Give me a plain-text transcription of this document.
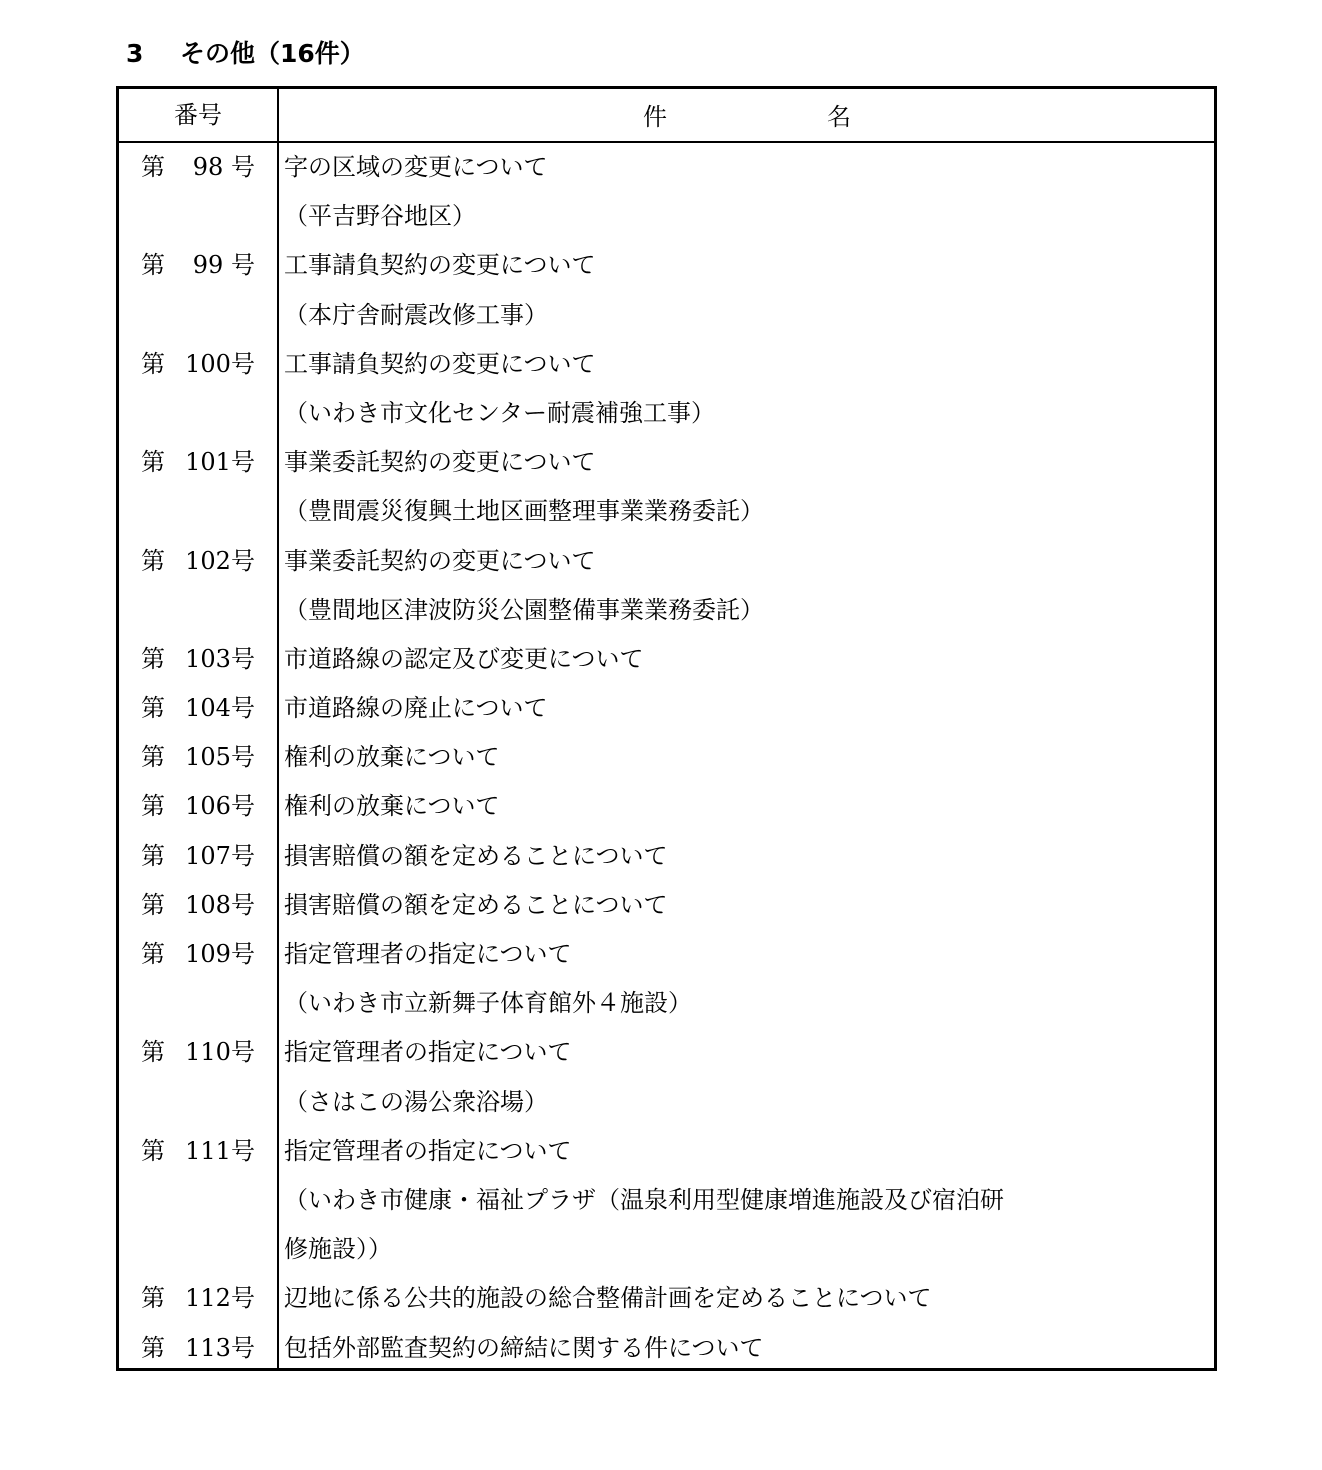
3 その他（16件）
番号	件	名
第	98 号 字の区域の変更について
（平吉野谷地区）
第	99 号 工事請負契約の変更について
（本庁舎耐震改修工事）
第 100 号 工事請負契約の変更について
（いわき市文化センター耐震補強工事）
第 101 号 事業委託契約の変更について
（豊間震災復興土地区画整理事業業務委託）
第 102 号 事業委託契約の変更について
（豊間地区津波防災公園整備事業業務委託）
第 103 号 市道路線の認定及び変更について
第 104 号 市道路線の廃止について
第 105 号 権利の放棄について
第 106 号 権利の放棄について
第 107 号 損害賠償の額を定めることについて
第 108 号 損害賠償の額を定めることについて
第 109 号 指定管理者の指定について
（いわき市立新舞子体育館外４施設）
第 110 号 指定管理者の指定について
（さはこの湯公衆浴場）
第 111 号 指定管理者の指定について
（いわき市健康・福祉プラザ（温泉利用型健康増進施設及び宿泊研
修施設））
第 112 号 辺地に係る公共的施設の総合整備計画を定めることについて
第 113 号 包括外部監査契約の締結に関する件について
